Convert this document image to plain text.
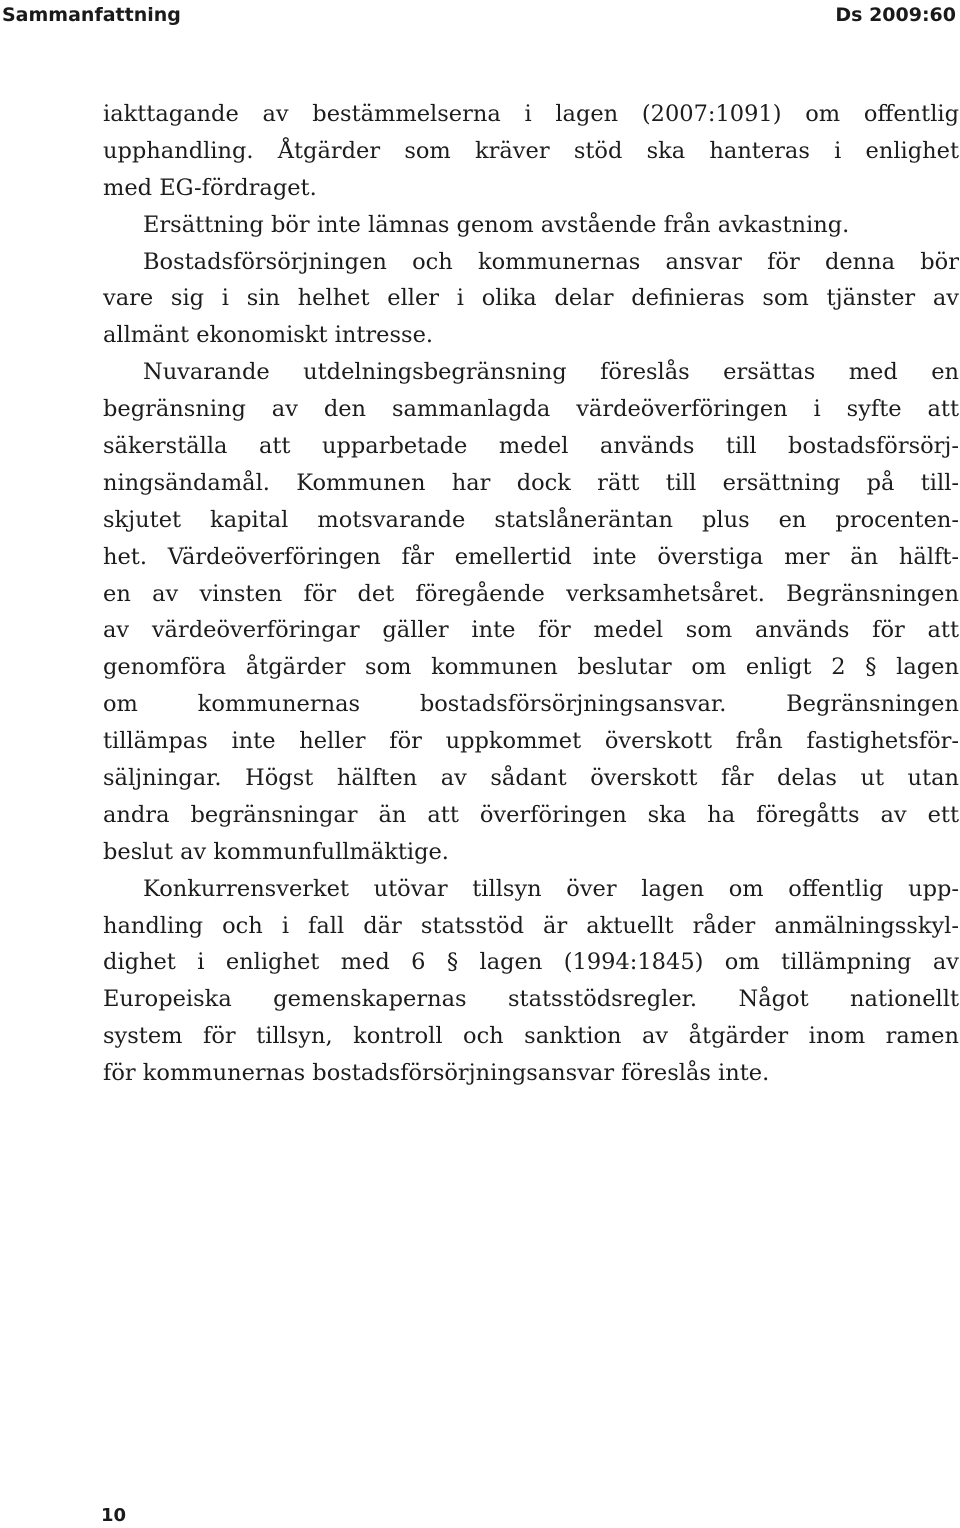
Sammanfattning	Ds 2009:60
iakttagande av bestämmelserna i lagen (2007:1091) om offentlig
upphandling. Åtgärder som kräver stöd ska hanteras i enlighet
med EG-fördraget.
Ersättning bör inte lämnas genom avstående från avkastning.
Bostadsförsörjningen och kommunernas ansvar för denna bör
vare sig i sin helhet eller i olika delar definieras som tjänster av
allmänt ekonomiskt intresse.
Nuvarande utdelningsbegränsning föreslås ersättas med en
begränsning av den sammanlagda värdeöverföringen i syfte att
säkerställa att upparbetade medel används till bostadsförsörj-
ningsändamål. Kommunen har dock rätt till ersättning på till-
skjutet kapital motsvarande statslåneräntan plus en procenten-
het. Värdeöverföringen får emellertid inte överstiga mer än hälft-
en av vinsten för det föregående verksamhetsåret. Begränsningen
av värdeöverföringar gäller inte för medel som används för att
genomföra åtgärder som kommunen beslutar om enligt 2 § lagen
om kommunernas bostadsförsörjningsansvar. Begränsningen
tillämpas inte heller för uppkommet överskott från fastighetsför-
säljningar. Högst hälften av sådant överskott får delas ut utan
andra begränsningar än att överföringen ska ha föregåtts av ett
beslut av kommunfullmäktige.
Konkurrensverket utövar tillsyn över lagen om offentlig upp-
handling och i fall där statsstöd är aktuellt råder anmälningsskyl-
dighet i enlighet med 6 § lagen (1994:1845) om tillämpning av
Europeiska gemenskapernas statsstödsregler. Något nationellt
system för tillsyn, kontroll och sanktion av åtgärder inom ramen
för kommunernas bostadsförsörjningsansvar föreslås inte.
10
